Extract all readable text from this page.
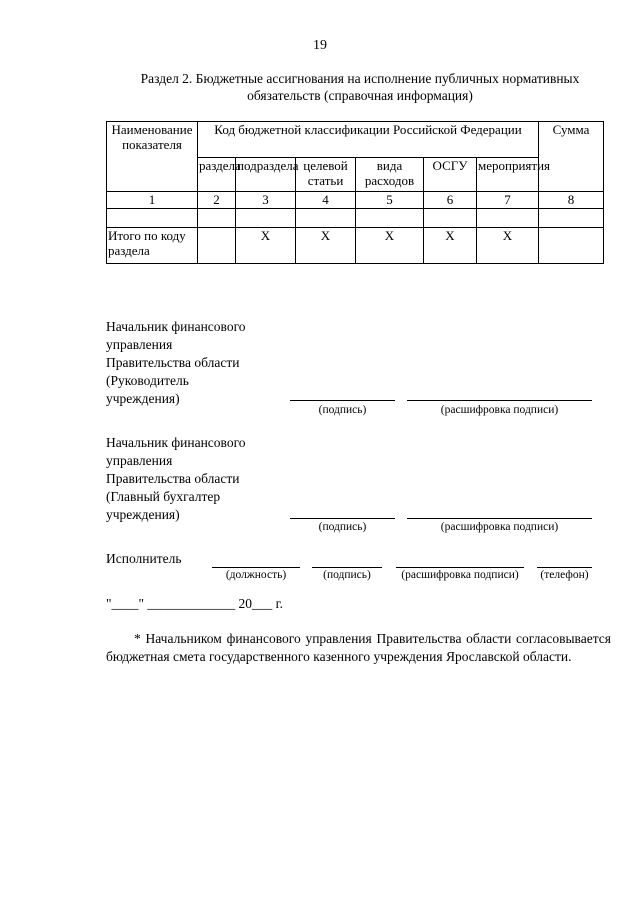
19
Раздел 2. Бюджетные ассигнования на исполнение публичных нормативных
обязательств (справочная информация)
Наименование показателя	Код бюджетной классификации Российской Федерации						Сумма
	раздела	подраздела	целевой статьи	вида расходов	ОСГУ	мероприятия	
1	2	3	4	5	6	7	8

Итого по коду раздела		Х	Х	Х	Х	Х	
Начальник финансового
управления
Правительства области
(Руководитель
учреждения)
(подпись)	(расшифровка подписи)
Начальник финансового
управления
Правительства области
(Главный бухгалтер
учреждения)
(подпись)	(расшифровка подписи)
Исполнитель
(должность)	(подпись)	(расшифровка подписи)	(телефон)
"____" _____________ 20___ г.
* Начальником финансового управления Правительства области согласовывается бюджетная смета государственного казенного учреждения Ярославской области.
